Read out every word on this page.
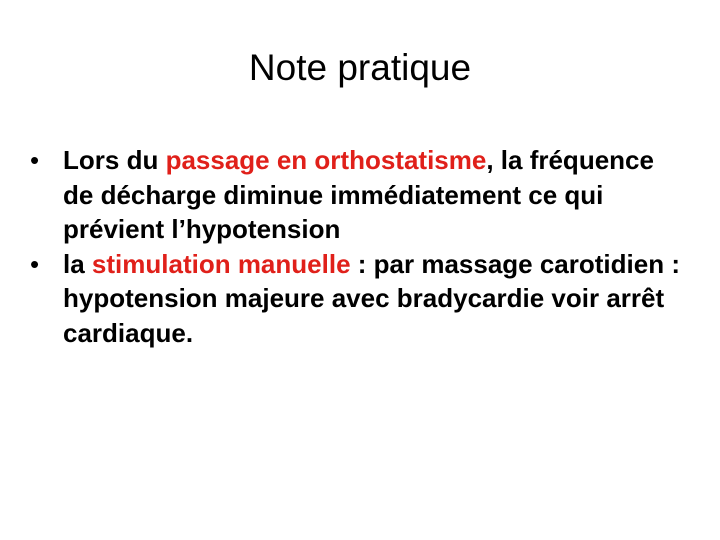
Note pratique
• Lors du passage en orthostatisme, la fréquence de décharge diminue immédiatement ce qui prévient l’hypotension
• la stimulation manuelle : par massage carotidien : hypotension majeure avec bradycardie voir arrêt cardiaque.
